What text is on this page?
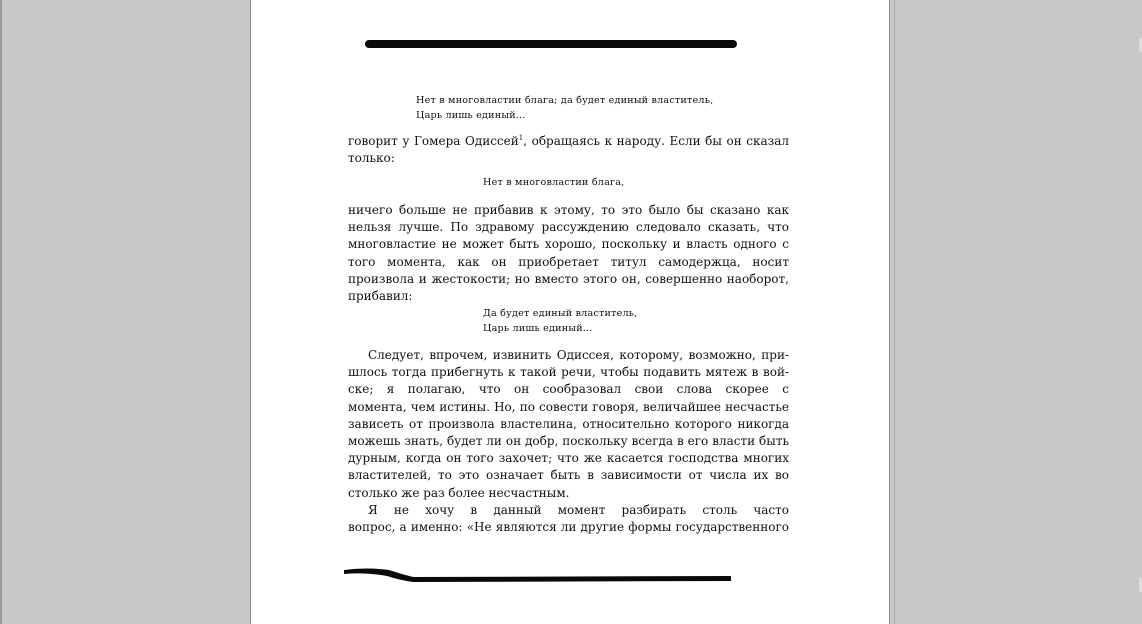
Нет в многовластии блага; да будет единый властитель,
Царь лишь единый...
говорит у Гомера Одиссей$^1$, обращаясь к народу. Если бы он сказал
только:
Нет в многовластии блага,
ничего больше не прибавив к этому, то это было бы сказано как
нельзя лучше. По здравому рассуждению следовало сказать, что
многовластие не может быть хорошо, поскольку и власть одного с
того момента, как он приобретает титул самодержца, носит
произвола и жестокости; но вместо этого он, совершенно наоборот,
прибавил:
Да будет единый властитель,
Царь лишь единый...
Следует, впрочем, извинить Одиссея, которому, возможно, при-
шлось тогда прибегнуть к такой речи, чтобы подавить мятеж в вой-
ске; я полагаю, что он сообразовал свои слова скорее с
момента, чем истины. Но, по совести говоря, величайшее несчастье
зависеть от произвола властелина, относительно которого никогда
можешь знать, будет ли он добр, поскольку всегда в его власти быть
дурным, когда он того захочет; что же касается господства многих
властителей, то это означает быть в зависимости от числа их во
столько же раз более несчастным.
Я не хочу в данный момент разбирать столь часто
вопрос, а именно: «Не являются ли другие формы государственного
